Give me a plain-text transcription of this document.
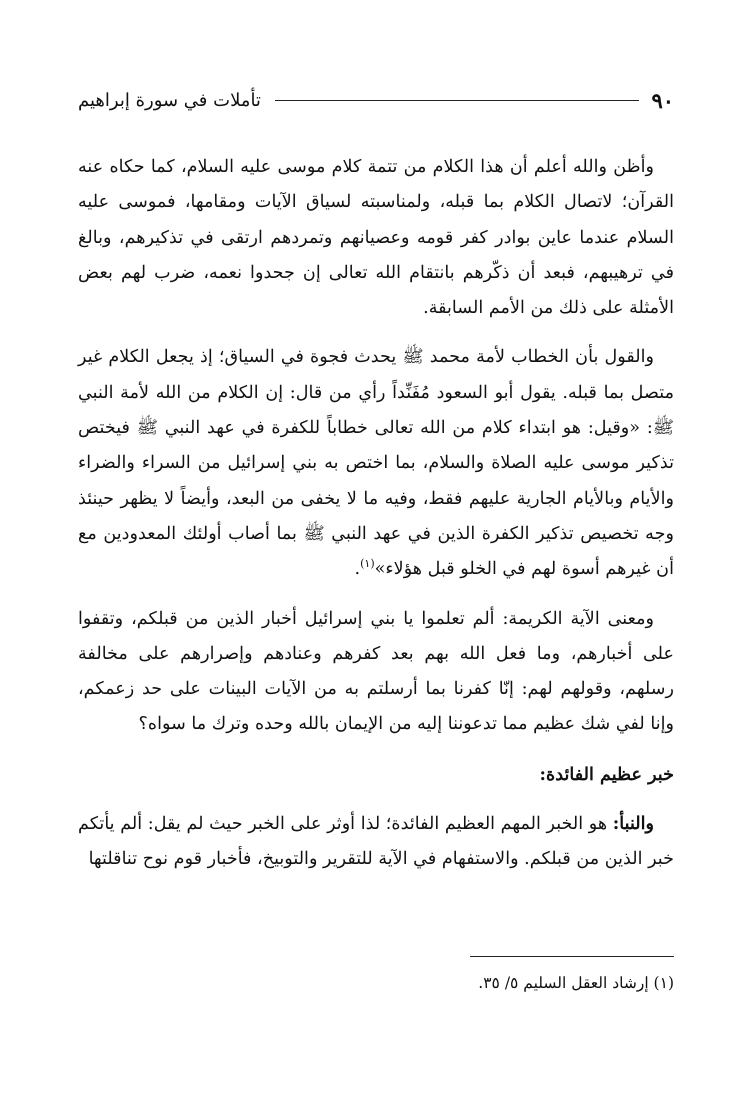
٩٠
تأملات في سورة إبراهيم

وأظن والله أعلم أن هذا الكلام من تتمة كلام موسى عليه السلام، كما حكاه عنه القرآن؛ لاتصال الكلام بما قبله، ولمناسبته لسياق الآيات ومقامها، فموسى عليه السلام عندما عاين بوادر كفر قومه وعصيانهم وتمردهم ارتقى في تذكيرهم، وبالغ في ترهيبهم، فبعد أن ذكّرهم بانتقام الله تعالى إن جحدوا نعمه، ضرب لهم بعض الأمثلة على ذلك من الأمم السابقة.

والقول بأن الخطاب لأمة محمد ﷺ يحدث فجوة في السياق؛ إذ يجعل الكلام غير متصل بما قبله. يقول أبو السعود مُفَنِّداً رأي من قال: إن الكلام من الله لأمة النبي ﷺ: «وقيل: هو ابتداء كلام من الله تعالى خطاباً للكفرة في عهد النبي ﷺ فيختص تذكير موسى عليه الصلاة والسلام، بما اختص به بني إسرائيل من السراء والضراء والأيام وبالأيام الجارية عليهم فقط، وفيه ما لا يخفى من البعد، وأيضاً لا يظهر حينئذ وجه تخصيص تذكير الكفرة الذين في عهد النبي ﷺ بما أصاب أولئك المعدودين مع أن غيرهم أسوة لهم في الخلو قبل هؤلاء»$^{(١)}$.

ومعنى الآية الكريمة: ألم تعلموا يا بني إسرائيل أخبار الذين من قبلكم، وتقفوا على أخبارهم، وما فعل الله بهم بعد كفرهم وعنادهم وإصرارهم على مخالفة رسلهم، وقولهم لهم: إنّا كفرنا بما أرسلتم به من الآيات البينات على حد زعمكم، وإنا لفي شك عظيم مما تدعوننا إليه من الإيمان بالله وحده وترك ما سواه؟

خبر عظيم الفائدة:

والنبأ: هو الخبر المهم العظيم الفائدة؛ لذا أوثر على الخبر حيث لم يقل: ألم يأتكم خبر الذين من قبلكم. والاستفهام في الآية للتقرير والتوبيخ، فأخبار قوم نوح تناقلتها

(١) إرشاد العقل السليم ٥/ ٣٥.
